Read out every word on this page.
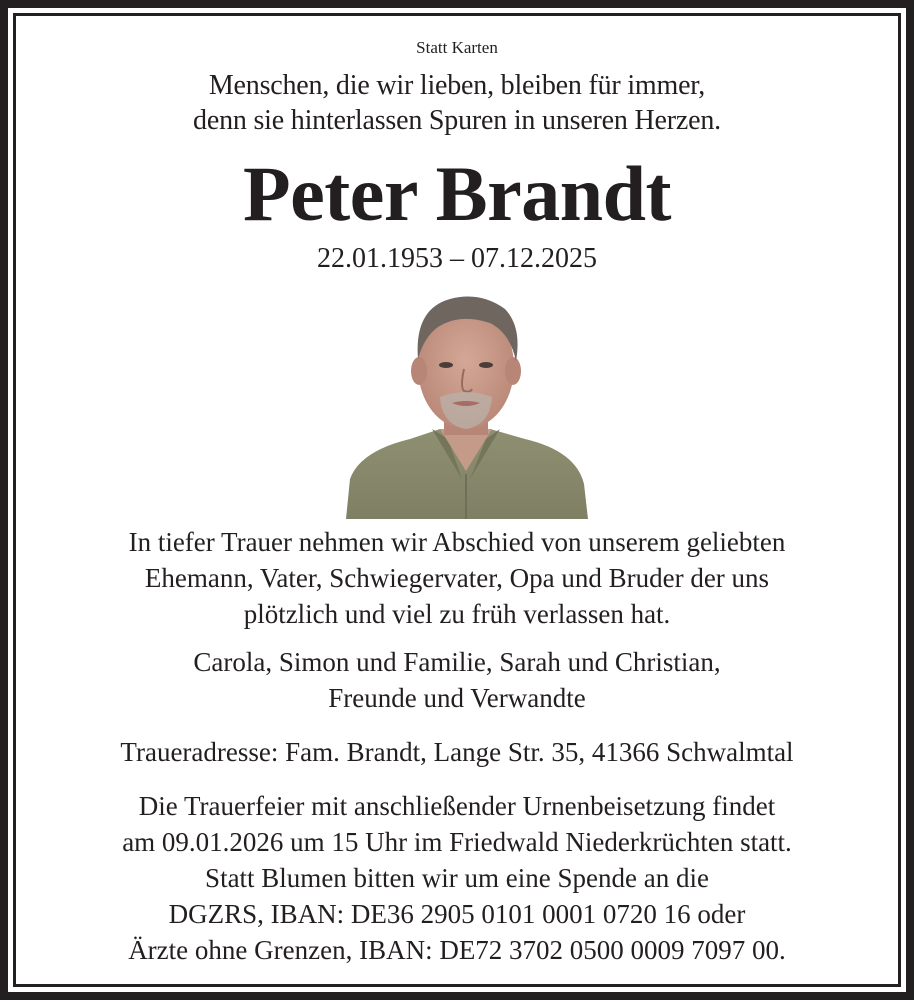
Statt Karten
Menschen, die wir lieben, bleiben für immer,
denn sie hinterlassen Spuren in unseren Herzen.
Peter Brandt
22.01.1953 – 07.12.2025
In tiefer Trauer nehmen wir Abschied von unserem geliebten
Ehemann, Vater, Schwiegervater, Opa und Bruder der uns
plötzlich und viel zu früh verlassen hat.
Carola, Simon und Familie, Sarah und Christian,
Freunde und Verwandte
Traueradresse: Fam. Brandt, Lange Str. 35, 41366 Schwalmtal
Die Trauerfeier mit anschließender Urnenbeisetzung findet
am 09.01.2026 um 15 Uhr im Friedwald Niederkrüchten statt.
Statt Blumen bitten wir um eine Spende an die
DGZRS, IBAN: DE36 2905 0101 0001 0720 16 oder
Ärzte ohne Grenzen, IBAN: DE72 3702 0500 0009 7097 00.
